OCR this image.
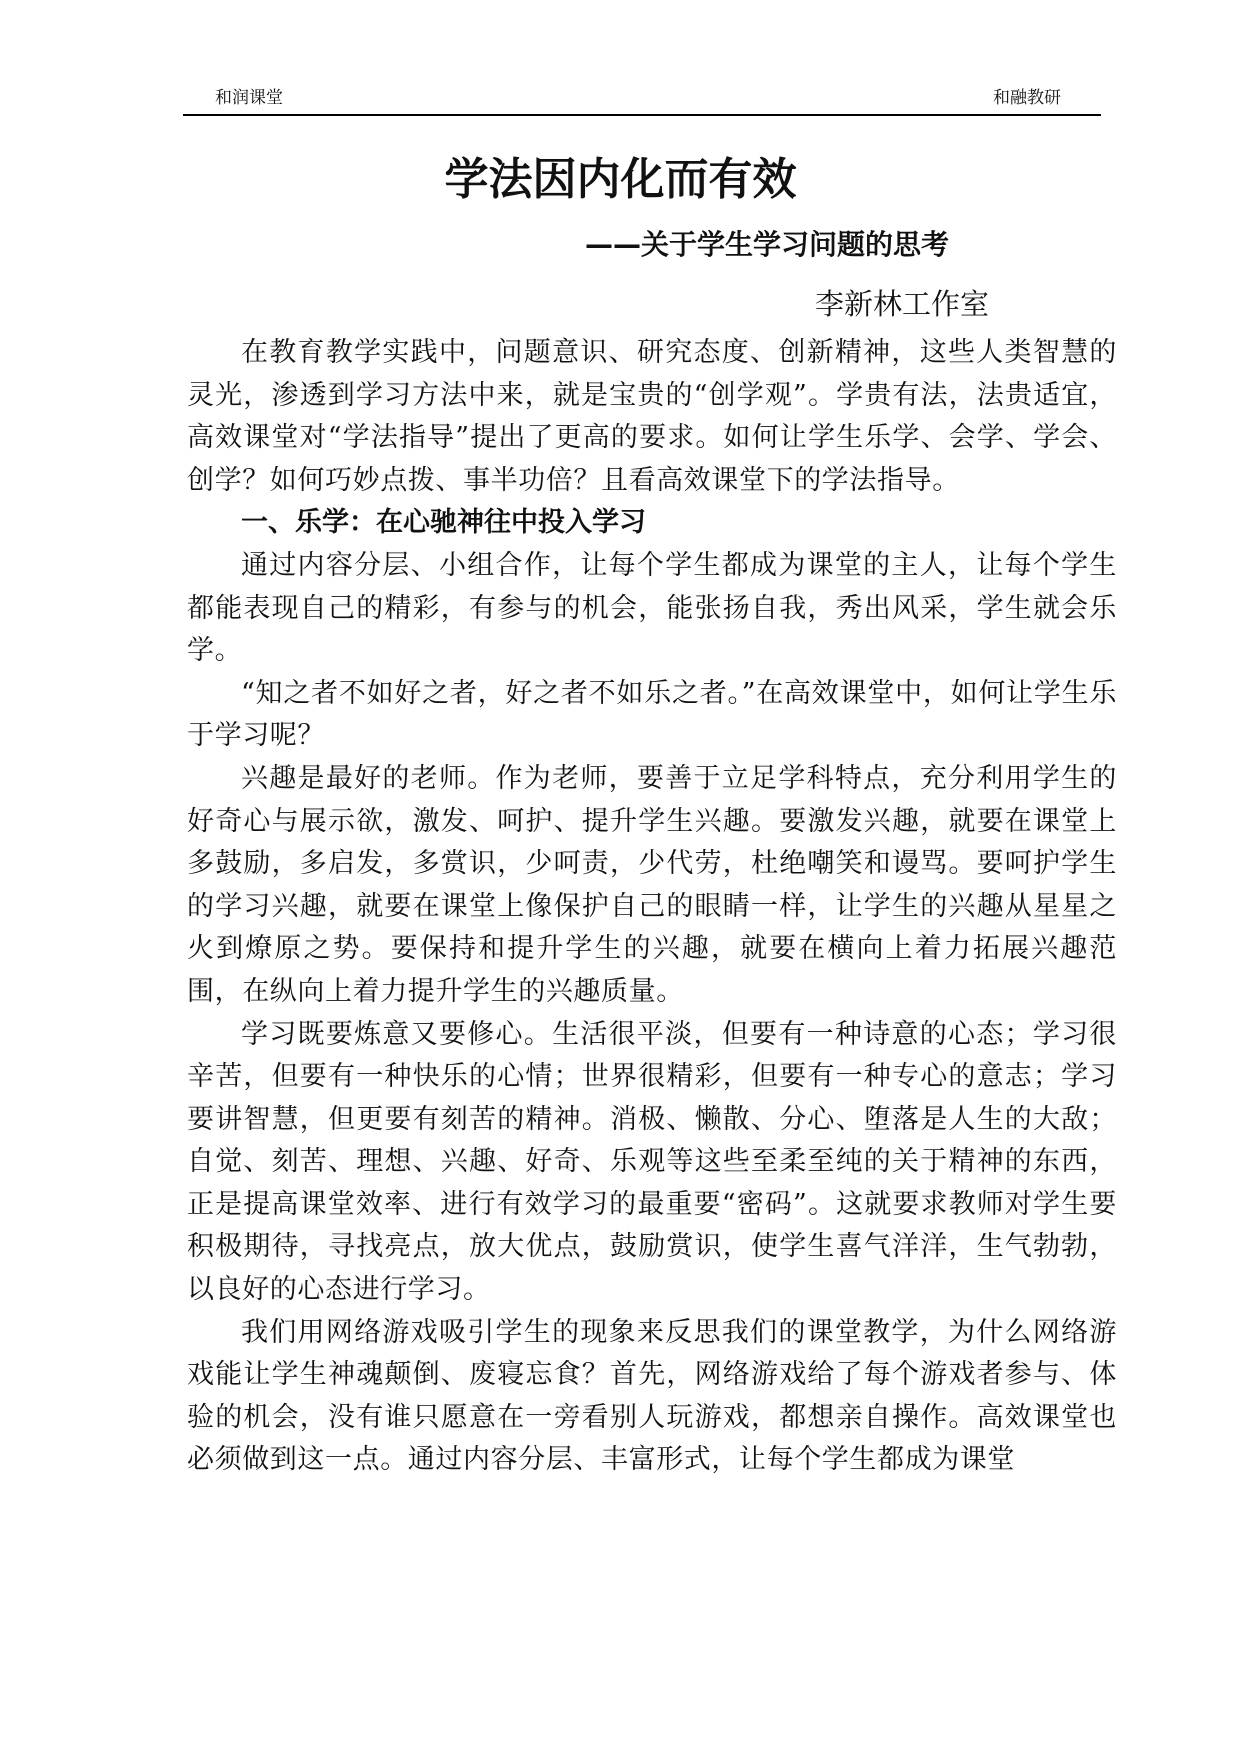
和润课堂	和融教研
学法因内化而有效
——关于学生学习问题的思考
李新林工作室

在教育教学实践中，问题意识、研究态度、创新精神，这些人类智慧的灵光，渗透到学习方法中来，就是宝贵的“创学观”。学贵有法，法贵适宜，高效课堂对“学法指导”提出了更高的要求。如何让学生乐学、会学、学会、创学？如何巧妙点拨、事半功倍？且看高效课堂下的学法指导。

一、乐学：在心驰神往中投入学习

通过内容分层、小组合作，让每个学生都成为课堂的主人，让每个学生都能表现自己的精彩，有参与的机会，能张扬自我，秀出风采，学生就会乐学。

“知之者不如好之者，好之者不如乐之者。”在高效课堂中，如何让学生乐于学习呢？

兴趣是最好的老师。作为老师，要善于立足学科特点，充分利用学生的好奇心与展示欲，激发、呵护、提升学生兴趣。要激发兴趣，就要在课堂上多鼓励，多启发，多赏识，少呵责，少代劳，杜绝嘲笑和谩骂。要呵护学生的学习兴趣，就要在课堂上像保护自己的眼睛一样，让学生的兴趣从星星之火到燎原之势。要保持和提升学生的兴趣，就要在横向上着力拓展兴趣范围，在纵向上着力提升学生的兴趣质量。

学习既要炼意又要修心。生活很平淡，但要有一种诗意的心态；学习很辛苦，但要有一种快乐的心情；世界很精彩，但要有一种专心的意志；学习要讲智慧，但更要有刻苦的精神。消极、懒散、分心、堕落是人生的大敌；自觉、刻苦、理想、兴趣、好奇、乐观等这些至柔至纯的关于精神的东西，正是提高课堂效率、进行有效学习的最重要“密码”。这就要求教师对学生要积极期待，寻找亮点，放大优点，鼓励赏识，使学生喜气洋洋，生气勃勃，以良好的心态进行学习。

我们用网络游戏吸引学生的现象来反思我们的课堂教学，为什么网络游戏能让学生神魂颠倒、废寝忘食？首先，网络游戏给了每个游戏者参与、体验的机会，没有谁只愿意在一旁看别人玩游戏，都想亲自操作。高效课堂也必须做到这一点。通过内容分层、丰富形式，让每个学生都成为课堂
